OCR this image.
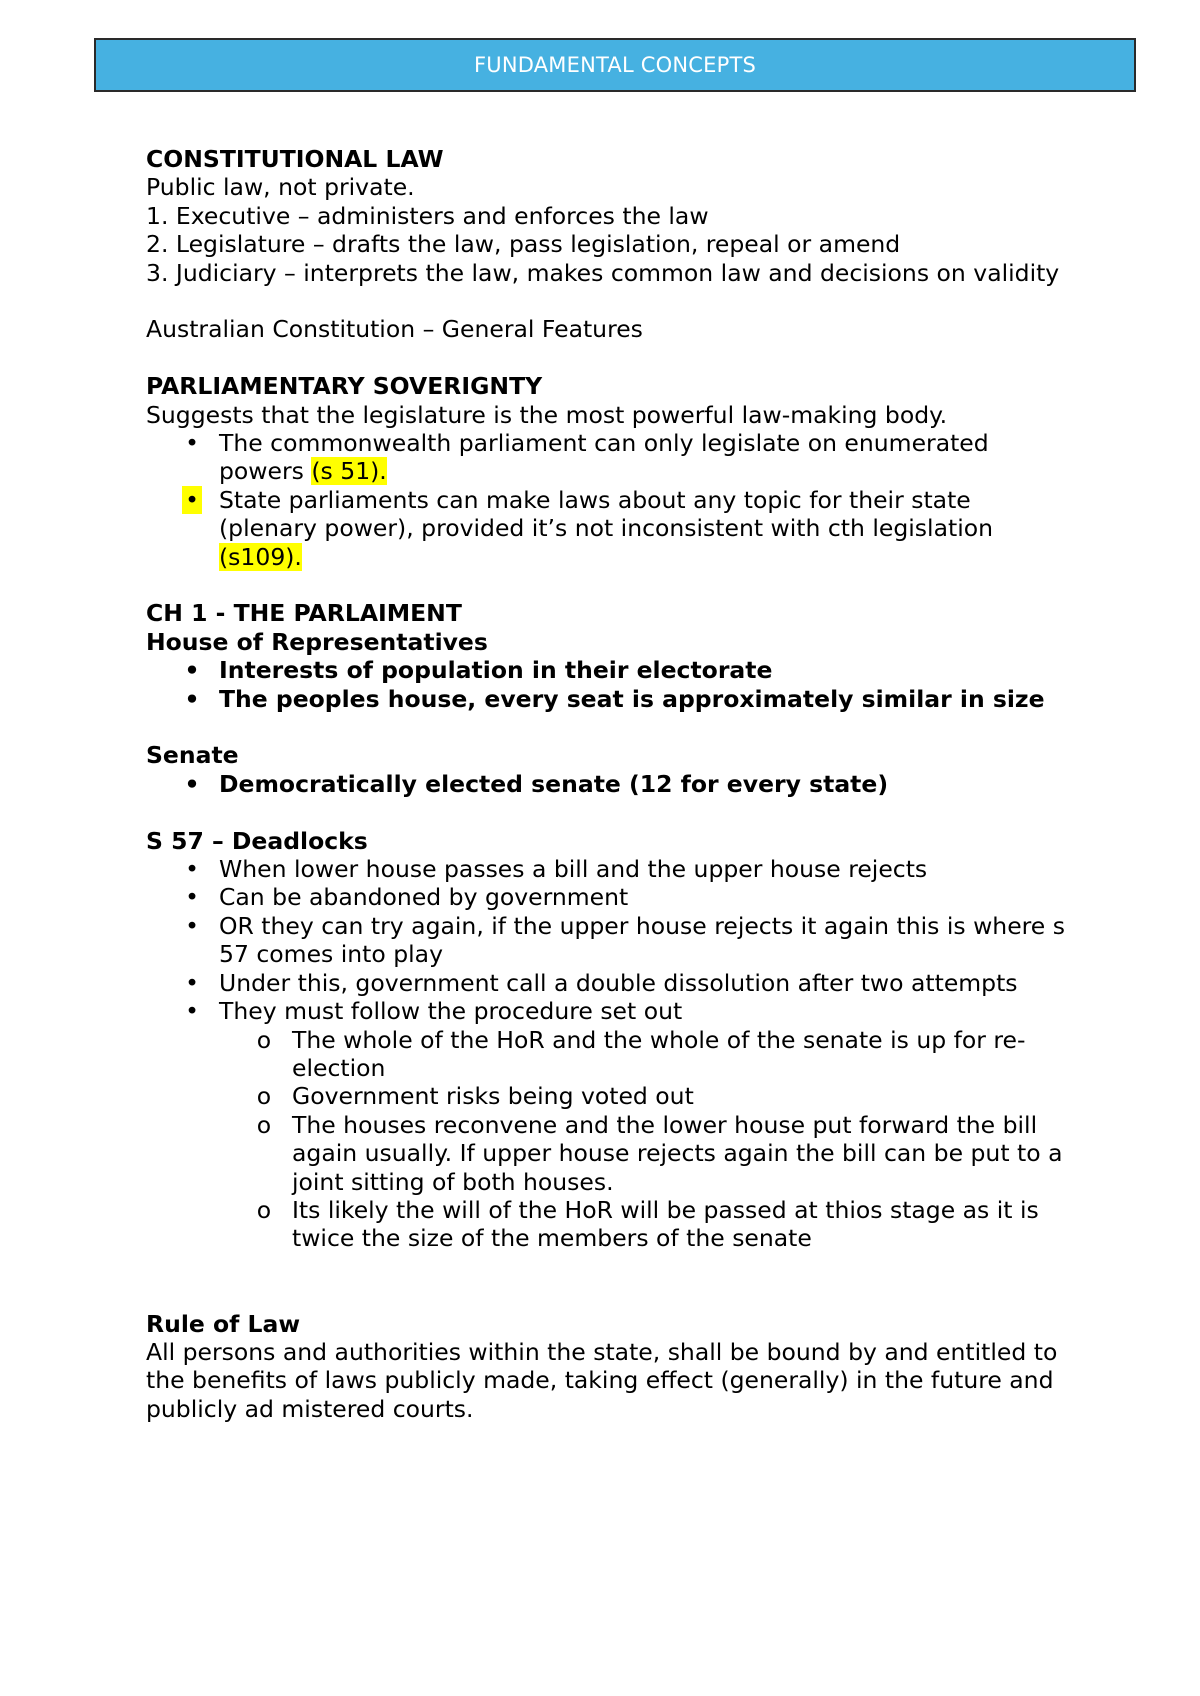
FUNDAMENTAL CONCEPTS
CONSTITUTIONAL LAW
Public law, not private.
1. Executive – administers and enforces the law
2. Legislature – drafts the law, pass legislation, repeal or amend
3. Judiciary – interprets the law, makes common law and decisions on validity
Australian Constitution – General Features
PARLIAMENTARY SOVERIGNTY
Suggests that the legislature is the most powerful law-making body.
• The commonwealth parliament can only legislate on enumerated powers (s 51).
• State parliaments can make laws about any topic for their state (plenary power), provided it’s not inconsistent with cth legislation (s109).
CH 1 - THE PARLAIMENT
House of Representatives
• Interests of population in their electorate
• The peoples house, every seat is approximately similar in size
Senate
• Democratically elected senate (12 for every state)
S 57 – Deadlocks
• When lower house passes a bill and the upper house rejects
• Can be abandoned by government
• OR they can try again, if the upper house rejects it again this is where s 57 comes into play
• Under this, government call a double dissolution after two attempts
• They must follow the procedure set out
o The whole of the HoR and the whole of the senate is up for re-election
o Government risks being voted out
o The houses reconvene and the lower house put forward the bill again usually. If upper house rejects again the bill can be put to a joint sitting of both houses.
o Its likely the will of the HoR will be passed at thios stage as it is twice the size of the members of the senate
Rule of Law
All persons and authorities within the state, shall be bound by and entitled to the benefits of laws publicly made, taking effect (generally) in the future and publicly ad mistered courts.
